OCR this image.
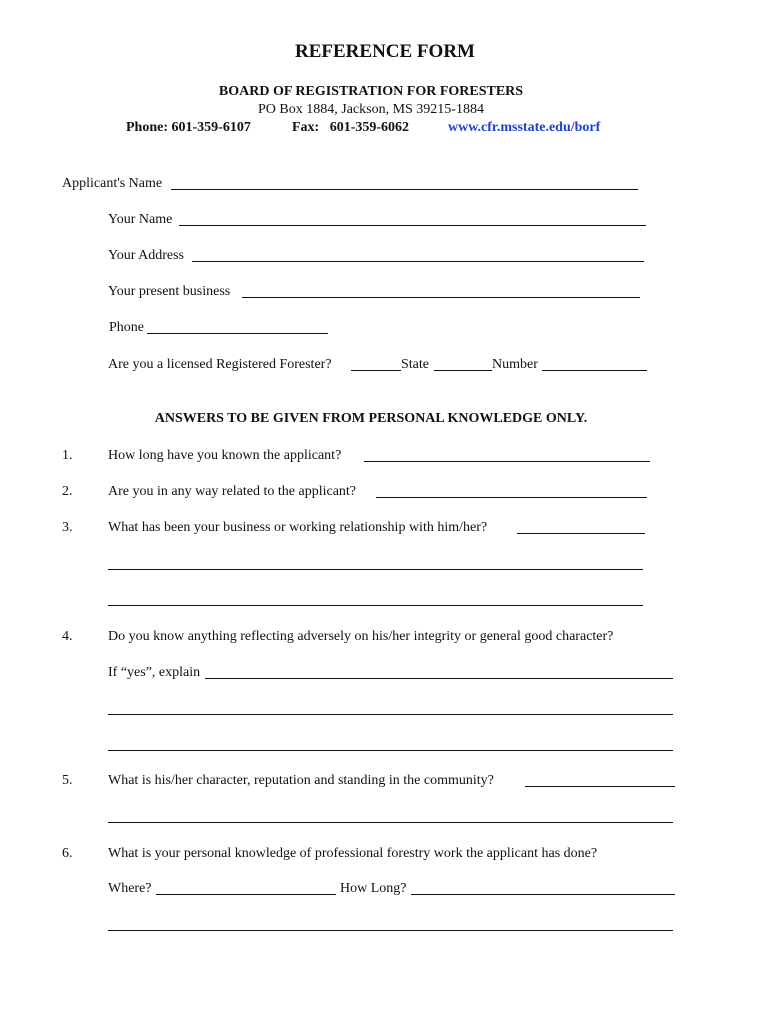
REFERENCE FORM
BOARD OF REGISTRATION FOR FORESTERS
PO Box 1884, Jackson, MS 39215-1884
Phone: 601-359-6107	Fax:   601-359-6062	www.cfr.msstate.edu/borf
Applicant's Name
Your Name
Your Address
Your present business
Phone
Are you a licensed Registered Forester?	State	Number
ANSWERS TO BE GIVEN FROM PERSONAL KNOWLEDGE ONLY.
1.	How long have you known the applicant?
2.	Are you in any way related to the applicant?
3.	What has been your business or working relationship with him/her?
4.	Do you know anything reflecting adversely on his/her integrity or general good character?
If “yes”, explain
5.	What is his/her character, reputation and standing in the community?
6.	What is your personal knowledge of professional forestry work the applicant has done?
Where?	How Long?
